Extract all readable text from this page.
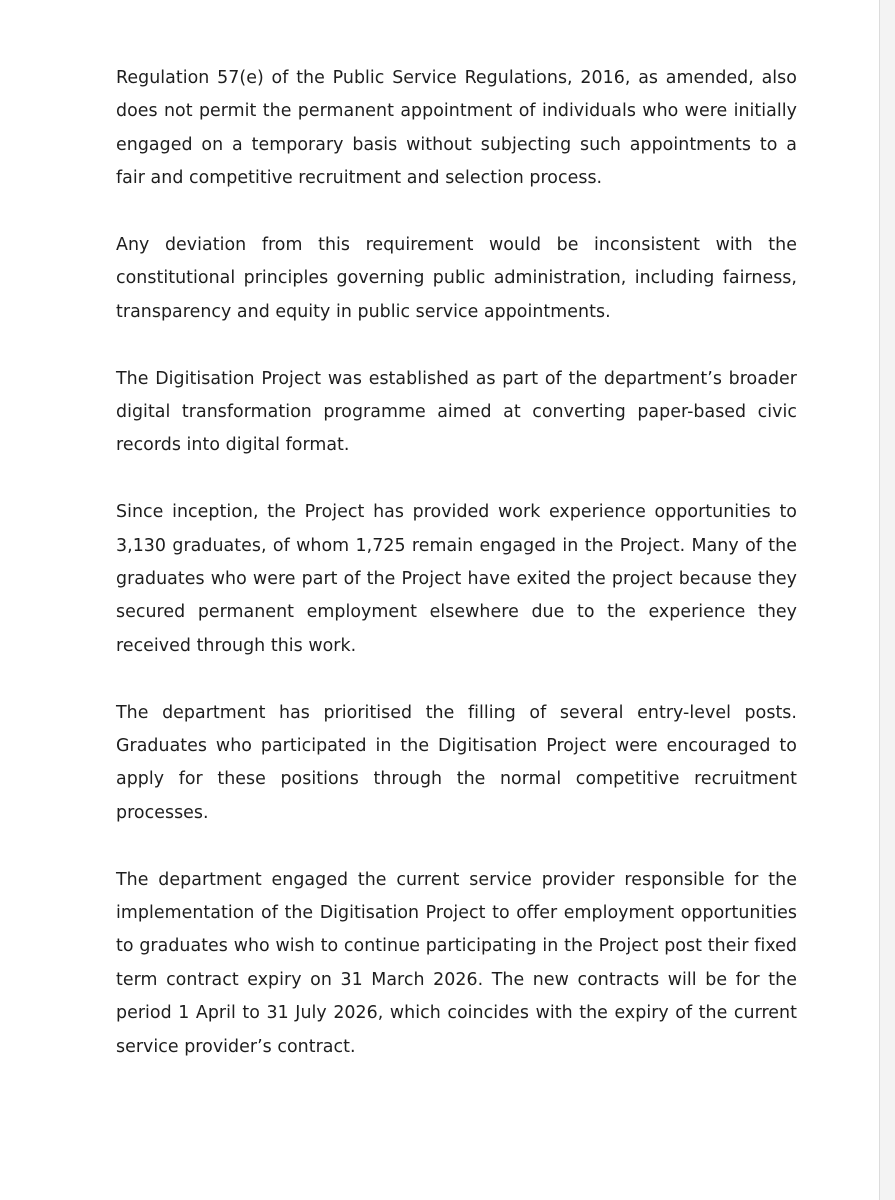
Regulation 57(e) of the Public Service Regulations, 2016, as amended, also does not permit the permanent appointment of individuals who were initially engaged on a temporary basis without subjecting such appointments to a fair and competitive recruitment and selection process.

Any deviation from this requirement would be inconsistent with the constitutional principles governing public administration, including fairness, transparency and equity in public service appointments.

The Digitisation Project was established as part of the department’s broader digital transformation programme aimed at converting paper-based civic records into digital format.

Since inception, the Project has provided work experience opportunities to 3,130 graduates, of whom 1,725 remain engaged in the Project. Many of the graduates who were part of the Project have exited the project because they secured permanent employment elsewhere due to the experience they received through this work.

The department has prioritised the filling of several entry-level posts. Graduates who participated in the Digitisation Project were encouraged to apply for these positions through the normal competitive recruitment processes.

The department engaged the current service provider responsible for the implementation of the Digitisation Project to offer employment opportunities to graduates who wish to continue participating in the Project post their fixed term contract expiry on 31 March 2026. The new contracts will be for the period 1 April to 31 July 2026, which coincides with the expiry of the current service provider’s contract.
